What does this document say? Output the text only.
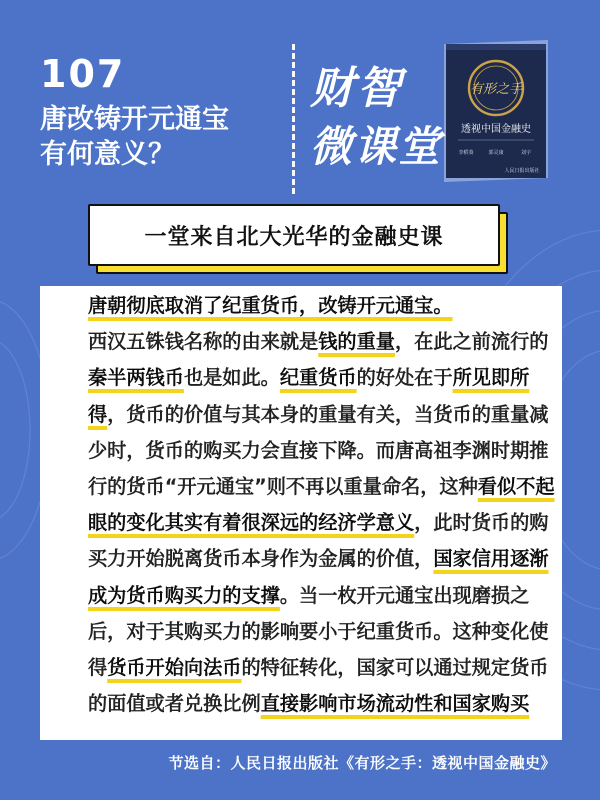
107
唐改铸开元通宝
有何意义？
财智
微课堂
有形之手
透视中国金融史
李稻葵	郭灵康	刘宇
人民日报出版社
一堂来自北大光华的金融史课

唐朝彻底取消了纪重货币，改铸开元通宝。

西汉五铢钱名称的由来就是钱的重量，在此之前流行的秦半两钱币也是如此。纪重货币的好处在于所见即所得，货币的价值与其本身的重量有关，当货币的重量减少时，货币的购买力会直接下降。而唐高祖李渊时期推行的货币“开元通宝”则不再以重量命名，这种看似不起眼的变化其实有着很深远的经济学意义，此时货币的购买力开始脱离货币本身作为金属的价值，国家信用逐渐成为货币购买力的支撑。当一枚开元通宝出现磨损之后，对于其购买力的影响要小于纪重货币。这种变化使得货币开始向法币的特征转化，国家可以通过规定货币的面值或者兑换比例直接影响市场流动性和国家购买

节选自：人民日报出版社《有形之手：透视中国金融史》
